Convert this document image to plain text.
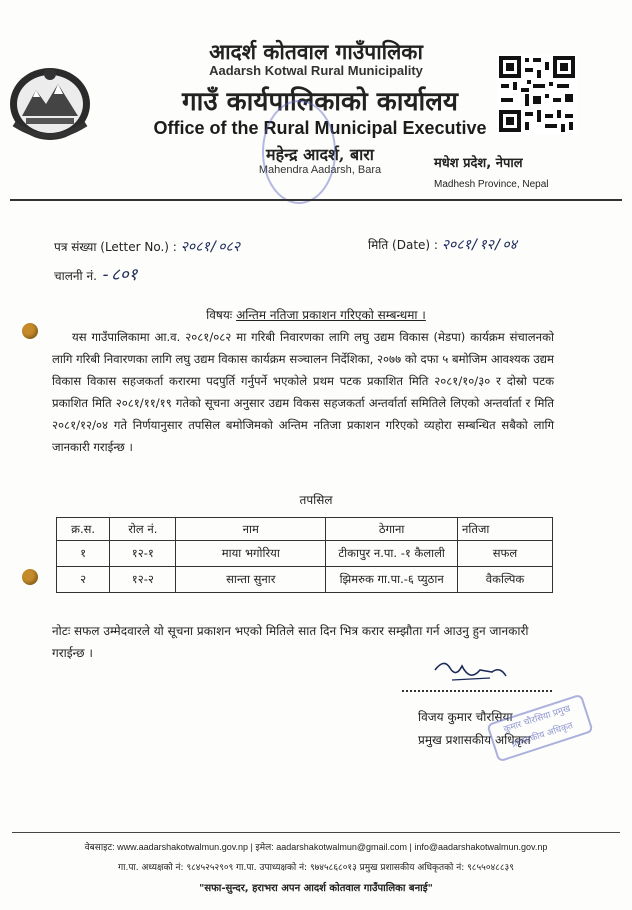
आदर्श कोतवाल गाउँपालिका
Aadarsh Kotwal Rural Municipality
गाउँ कार्यपालिकाको कार्यालय
Office of the Rural Municipal Executive
महेन्द्र आदर्श, बारा
Mahendra Aadarsh, Bara	मधेश प्रदेश, नेपाल
Madhesh Province, Nepal
पत्र संख्या (Letter No.) : २०८१/०८२	मिति (Date) : २०८१/१२/०४
चालनी नं. -८०१
विषयः अन्तिम नतिजा प्रकाशन गरिएको सम्बन्धमा ।

यस गाउँपालिकामा आ.व. २०८१/०८२ मा गरिबी निवारणका लागि लघु उद्यम विकास (मेडपा) कार्यक्रम संचालनको लागि गरिबी निवारणका लागि लघु उद्यम विकास कार्यक्रम सञ्चालन निर्देशिका, २०७७ को दफा ५ बमोजिम आवश्यक उद्यम विकास विकास सहजकर्ता करारमा पदपुर्ति गर्नुपर्ने भएकोले प्रथम पटक प्रकाशित मिति २०८१/१०/३० र दोस्रो पटक प्रकाशित मिति २०८१/११/१९ गतेको सूचना अनुसार उद्यम विकस सहजकर्ता अन्तर्वार्ता समितिले लिएको अन्तर्वार्ता र मिति २०८१/१२/०४ गते निर्णयानुसार तपसिल बमोजिमको अन्तिम नतिजा प्रकाशन गरिएको व्यहोरा सम्बन्धित सबैको लागि जानकारी गराईन्छ ।

तपसिल
क्र.स.	रोल नं.	नाम	ठेगाना	नतिजा
१	१२-१	माया भगोरिया	टीकापुर न.पा. -१ कैलाली	सफल
२	१२-२	सान्ता सुनार	झिमरुक गा.पा.-६ प्युठान	वैकल्पिक
नोटः सफल उम्मेदवारले यो सूचना प्रकाशन भएको मितिले सात दिन भित्र करार सम्झौता गर्न आउनु हुन जानकारी गराईन्छ ।
विजय कुमार चौरसिया
प्रमुख प्रशासकीय अधिकृत
कुमार चौरसिया प्रमुख प्रशासकीय अधिकृत
वेबसाइट: www.aadarshakotwalmun.gov.np | इमेल: aadarshakotwalmun@gmail.com | info@aadarshakotwalmun.gov.np
गा.पा. अध्यक्षको नं: ९८४५२५२९०९ गा.पा. उपाध्यक्षको नं: ९७४५८६८०१३ प्रमुख प्रशासकीय अधिकृतको नं: ९८५५०४८८३९
"सफा-सुन्दर, हराभरा अपन आदर्श कोतवाल गाउँपालिका बनाई"
